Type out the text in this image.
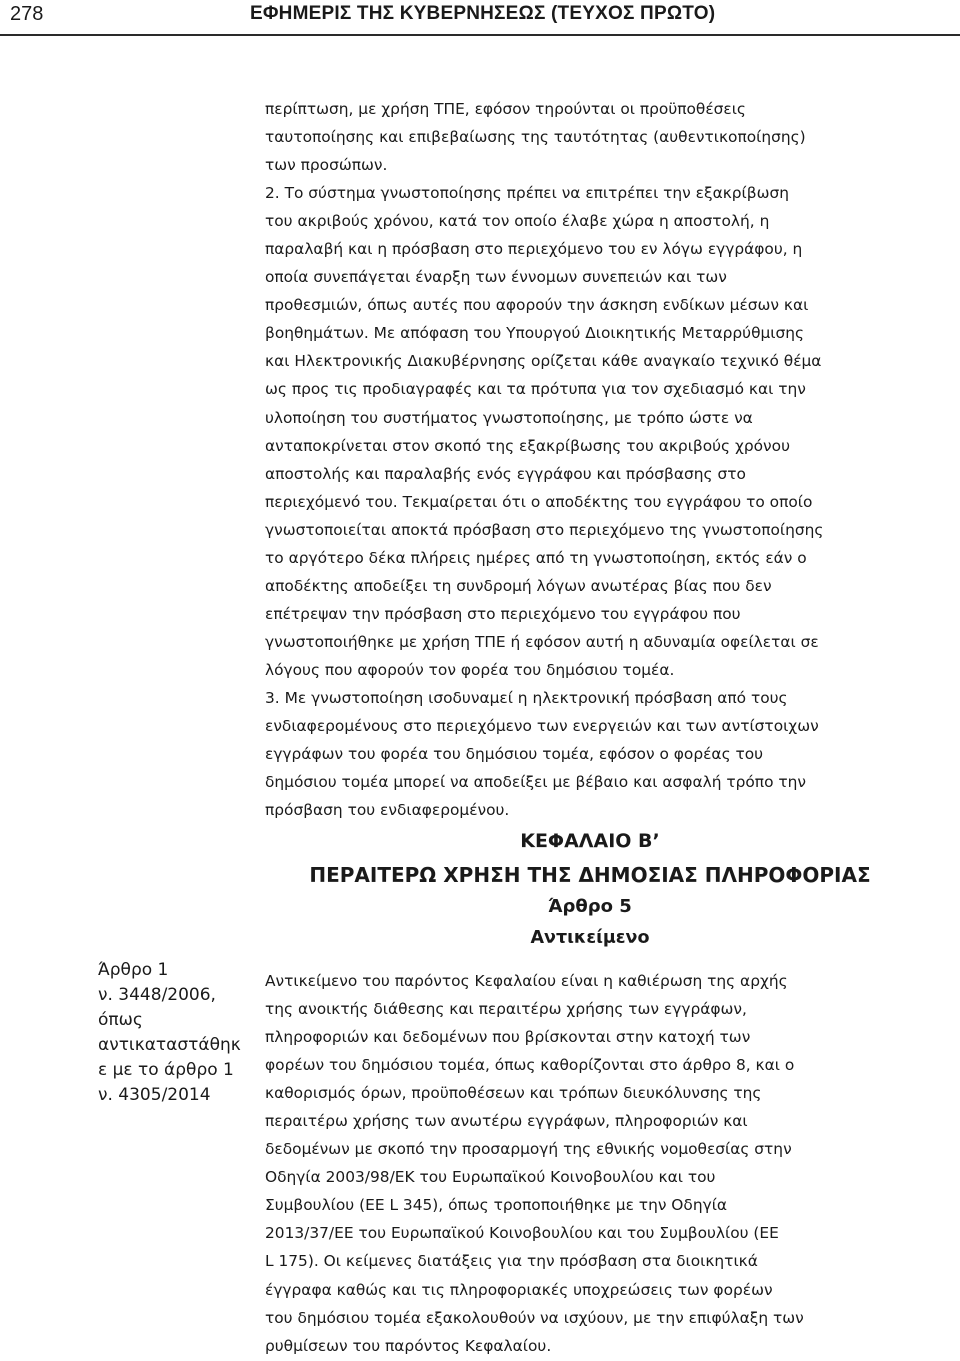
278	ΕΦΗΜΕΡΙΣ ΤΗΣ ΚΥΒΕΡΝΗΣΕΩΣ (ΤΕΥΧΟΣ ΠΡΩΤΟ)
Άρθρο 1
ν. 3448/2006,
όπως
αντικαταστάθηκ
ε με το άρθρο 1
ν. 4305/2014
περίπτωση, με χρήση ΤΠΕ, εφόσον τηρούνται οι προϋποθέσεις
ταυτοποίησης και επιβεβαίωσης της ταυτότητας (αυθεντικοποίησης)
των προσώπων.
2. Το σύστημα γνωστοποίησης πρέπει να επιτρέπει την εξακρίβωση
του ακριβούς χρόνου, κατά τον οποίο έλαβε χώρα η αποστολή, η
παραλαβή και η πρόσβαση στο περιεχόμενο του εν λόγω εγγράφου, η
οποία συνεπάγεται έναρξη των έννομων συνεπειών και των
προθεσμιών, όπως αυτές που αφορούν την άσκηση ενδίκων μέσων και
βοηθημάτων. Με απόφαση του Υπουργού Διοικητικής Μεταρρύθμισης
και Ηλεκτρονικής Διακυβέρνησης ορίζεται κάθε αναγκαίο τεχνικό θέμα
ως προς τις προδιαγραφές και τα πρότυπα για τον σχεδιασμό και την
υλοποίηση του συστήματος γνωστοποίησης, με τρόπο ώστε να
ανταποκρίνεται στον σκοπό της εξακρίβωσης του ακριβούς χρόνου
αποστολής και παραλαβής ενός εγγράφου και πρόσβασης στο
περιεχόμενό του. Τεκμαίρεται ότι ο αποδέκτης του εγγράφου το οποίο
γνωστοποιείται αποκτά πρόσβαση στο περιεχόμενο της γνωστοποίησης
το αργότερο δέκα πλήρεις ημέρες από τη γνωστοποίηση, εκτός εάν ο
αποδέκτης αποδείξει τη συνδρομή λόγων ανωτέρας βίας που δεν
επέτρεψαν την πρόσβαση στο περιεχόμενο του εγγράφου που
γνωστοποιήθηκε με χρήση ΤΠΕ ή εφόσον αυτή η αδυναμία οφείλεται σε
λόγους που αφορούν τον φορέα του δημόσιου τομέα.
3. Με γνωστοποίηση ισοδυναμεί η ηλεκτρονική πρόσβαση από τους
ενδιαφερομένους στο περιεχόμενο των ενεργειών και των αντίστοιχων
εγγράφων του φορέα του δημόσιου τομέα, εφόσον ο φορέας του
δημόσιου τομέα μπορεί να αποδείξει με βέβαιο και ασφαλή τρόπο την
πρόσβαση του ενδιαφερομένου.
ΚΕΦΑΛΑΙΟ Β’
ΠΕΡΑΙΤΕΡΩ ΧΡΗΣΗ ΤΗΣ ΔΗΜΟΣΙΑΣ ΠΛΗΡΟΦΟΡΙΑΣ
Άρθρο 5
Αντικείμενο
Αντικείμενο του παρόντος Κεφαλαίου είναι η καθιέρωση της αρχής
της ανοικτής διάθεσης και περαιτέρω χρήσης των εγγράφων,
πληροφοριών και δεδομένων που βρίσκονται στην κατοχή των
φορέων του δημόσιου τομέα, όπως καθορίζονται στο άρθρο 8, και ο
καθορισμός όρων, προϋποθέσεων και τρόπων διευκόλυνσης της
περαιτέρω χρήσης των ανωτέρω εγγράφων, πληροφοριών και
δεδομένων με σκοπό την προσαρμογή της εθνικής νομοθεσίας στην
Οδηγία 2003/98/ΕΚ του Ευρωπαϊκού Κοινοβουλίου και του
Συμβουλίου (ΕΕ L 345), όπως τροποποιήθηκε με την Οδηγία
2013/37/ΕΕ του Ευρωπαϊκού Κοινοβουλίου και του Συμβουλίου (ΕΕ
L 175). Οι κείμενες διατάξεις για την πρόσβαση στα διοικητικά
έγγραφα καθώς και τις πληροφοριακές υποχρεώσεις των φορέων
του δημόσιου τομέα εξακολουθούν να ισχύουν, με την επιφύλαξη των
ρυθμίσεων του παρόντος Κεφαλαίου.
